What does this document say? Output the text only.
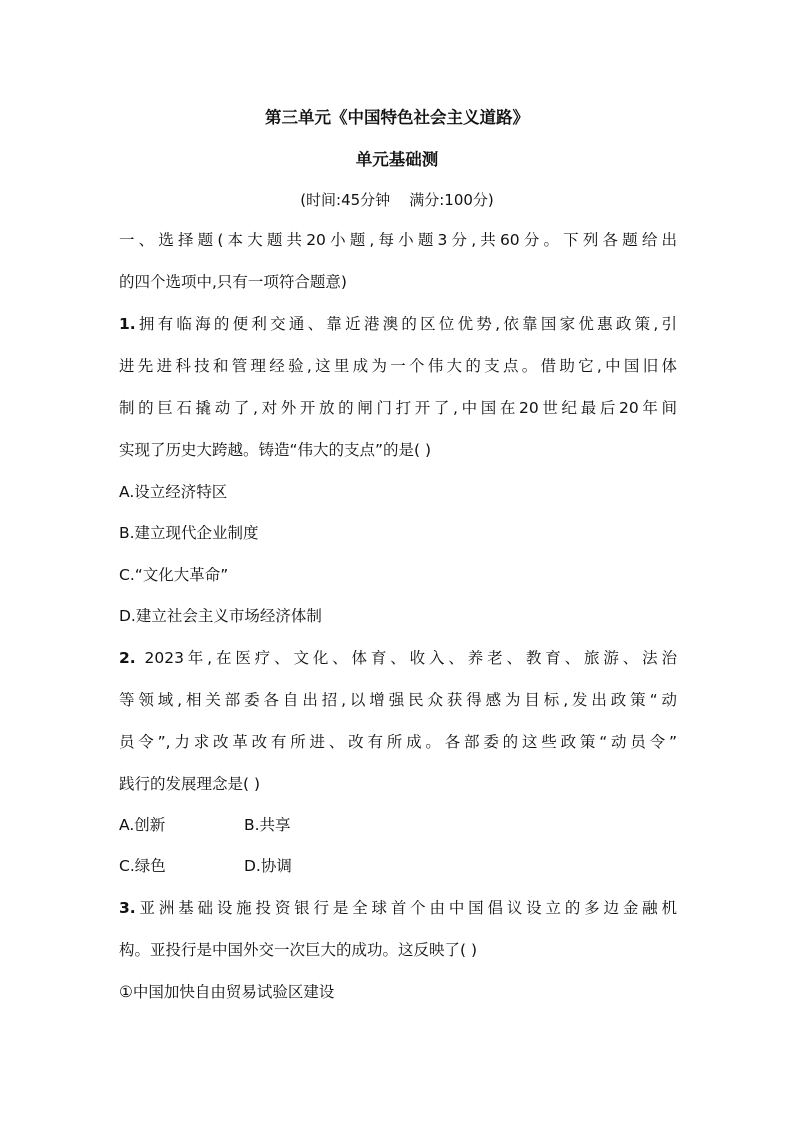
第三单元《中国特色社会主义道路》
单元基础测
(时间:45分钟    满分:100分)
一、选择题(本大题共20小题,每小题3分,共60分。下列各题给出
的四个选项中,只有一项符合题意)
1.拥有临海的便利交通、靠近港澳的区位优势,依靠国家优惠政策,引
进先进科技和管理经验,这里成为一个伟大的支点。借助它,中国旧体
制的巨石撬动了,对外开放的闸门打开了,中国在20世纪最后20年间
实现了历史大跨越。铸造“伟大的支点”的是( )
A.设立经济特区
B.建立现代企业制度
C.“文化大革命”
D.建立社会主义市场经济体制
2. 2023年,在医疗、文化、体育、收入、养老、教育、旅游、法治
等领域,相关部委各自出招,以增强民众获得感为目标,发出政策“动
员令”,力求改革改有所进、改有所成。各部委的这些政策“动员令”
践行的发展理念是( )
A.创新	B.共享
C.绿色	D.协调
3.亚洲基础设施投资银行是全球首个由中国倡议设立的多边金融机
构。亚投行是中国外交一次巨大的成功。这反映了( )
①中国加快自由贸易试验区建设
